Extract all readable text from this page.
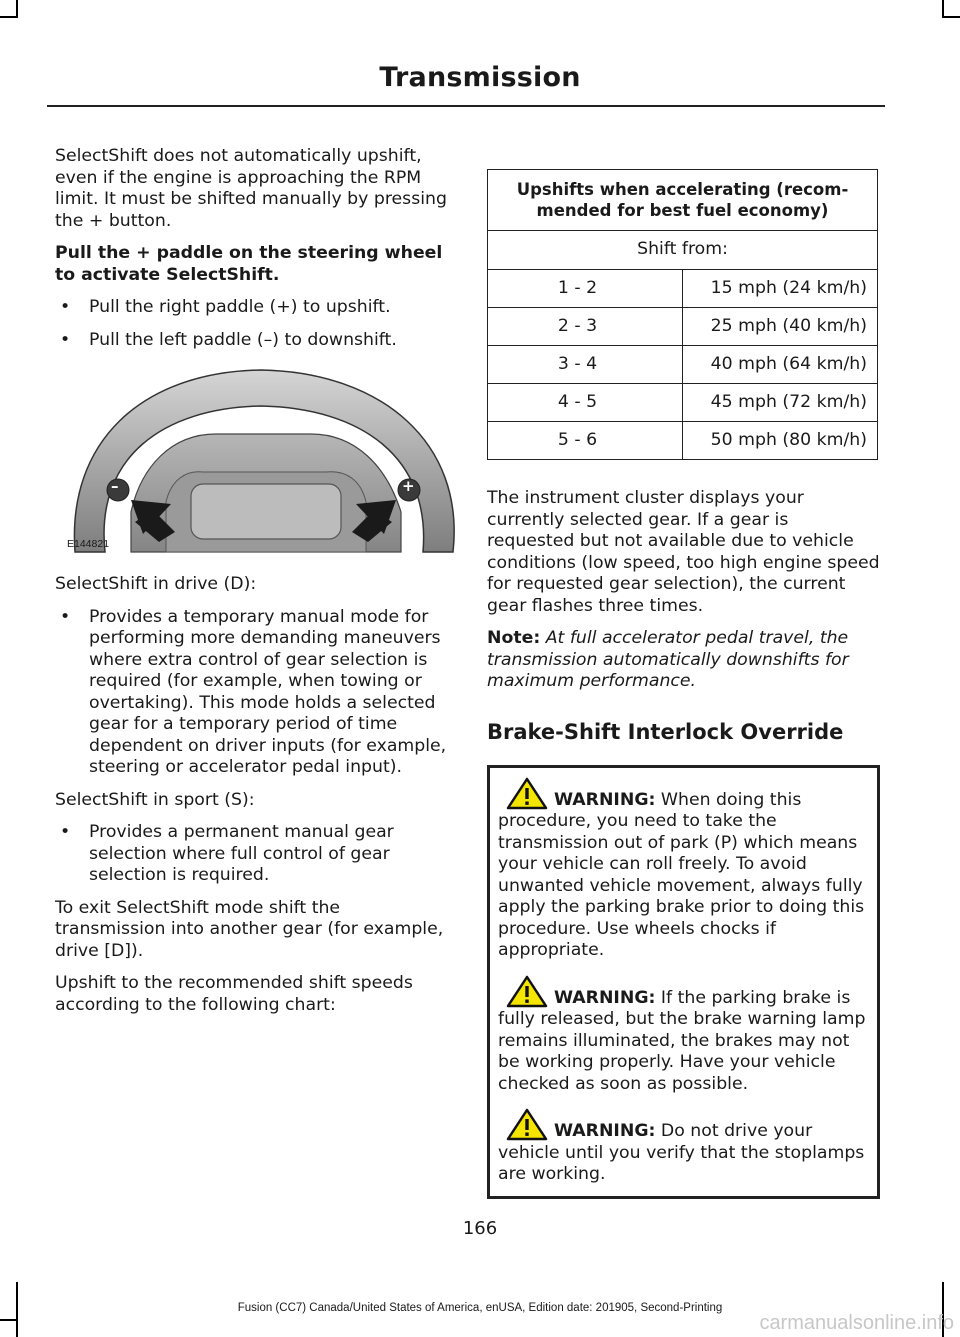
Transmission

SelectShift does not automatically upshift, even if the engine is approaching the RPM limit. It must be shifted manually by pressing the + button.

Pull the + paddle on the steering wheel to activate SelectShift.

• Pull the right paddle (+) to upshift.
• Pull the left paddle (–) to downshift.
–	+
E144821

SelectShift in drive (D):

• Provides a temporary manual mode for performing more demanding maneuvers where extra control of gear selection is required (for example, when towing or overtaking). This mode holds a selected gear for a temporary period of time dependent on driver inputs (for example, steering or accelerator pedal input).

SelectShift in sport (S):

• Provides a permanent manual gear selection where full control of gear selection is required.

To exit SelectShift mode shift the transmission into another gear (for example, drive [D]).

Upshift to the recommended shift speeds according to the following chart:

Upshifts when accelerating (recom-mended for best fuel economy)	
Shift from:	
1 - 2	15 mph (24 km/h)
2 - 3	25 mph (40 km/h)
3 - 4	40 mph (64 km/h)
4 - 5	45 mph (72 km/h)
5 - 6	50 mph (80 km/h)

The instrument cluster displays your currently selected gear. If a gear is requested but not available due to vehicle conditions (low speed, too high engine speed for requested gear selection), the current gear flashes three times.

Note: At full accelerator pedal travel, the transmission automatically downshifts for maximum performance.

Brake-Shift Interlock Override
WARNING: When doing this procedure, you need to take the transmission out of park (P) which means your vehicle can roll freely. To avoid unwanted vehicle movement, always fully apply the parking brake prior to doing this procedure. Use wheels chocks if appropriate.
WARNING: If the parking brake is fully released, but the brake warning lamp remains illuminated, the brakes may not be working properly. Have your vehicle checked as soon as possible.
WARNING: Do not drive your vehicle until you verify that the stoplamps are working.
166
Fusion (CC7) Canada/United States of America, enUSA, Edition date: 201905, Second-Printing
carmanualsonline.info
